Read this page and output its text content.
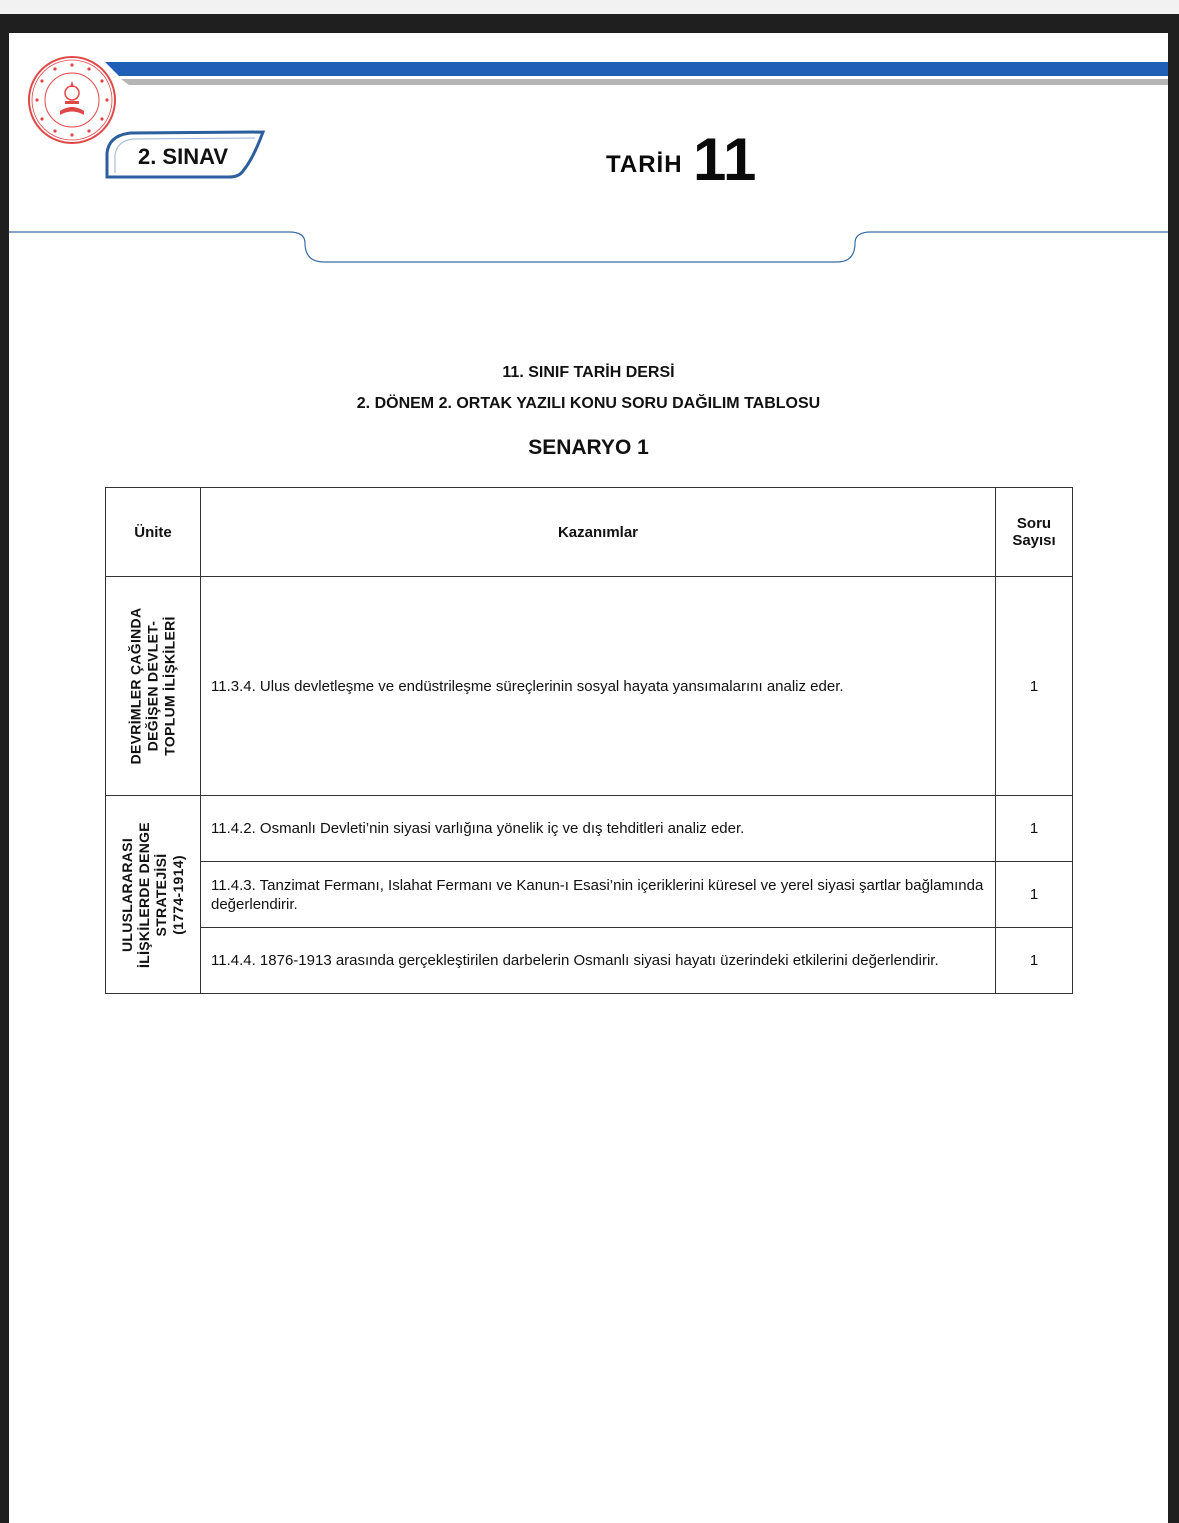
2. SINAV	TARİH 11
11. SINIF TARİH DERSİ
2. DÖNEM 2. ORTAK YAZILI KONU SORU DAĞILIM TABLOSU
SENARYO 1
Ünite	Kazanımlar	Soru
Sayısı

DEVRİMLER ÇAĞINDA
DEĞİŞEN DEVLET-
TOPLUM İLİŞKİLERİ	11.3.4. Ulus devletleşme ve endüstrileşme süreçlerinin sosyal hayata yansımalarını analiz eder.	1

ULUSLARARASI
İLİŞKİLERDE DENGE
STRATEJİSİ
(1774-1914)	11.4.2. Osmanlı Devleti’nin siyasi varlığına yönelik iç ve dış tehditleri analiz eder.	1
	11.4.3. Tanzimat Fermanı, Islahat Fermanı ve Kanun-ı Esasi’nin içeriklerini küresel ve yerel siyasi şartlar bağlamında değerlendirir.	1
	11.4.4. 1876-1913 arasında gerçekleştirilen darbelerin Osmanlı siyasi hayatı üzerindeki etkilerini değerlendirir.	1
